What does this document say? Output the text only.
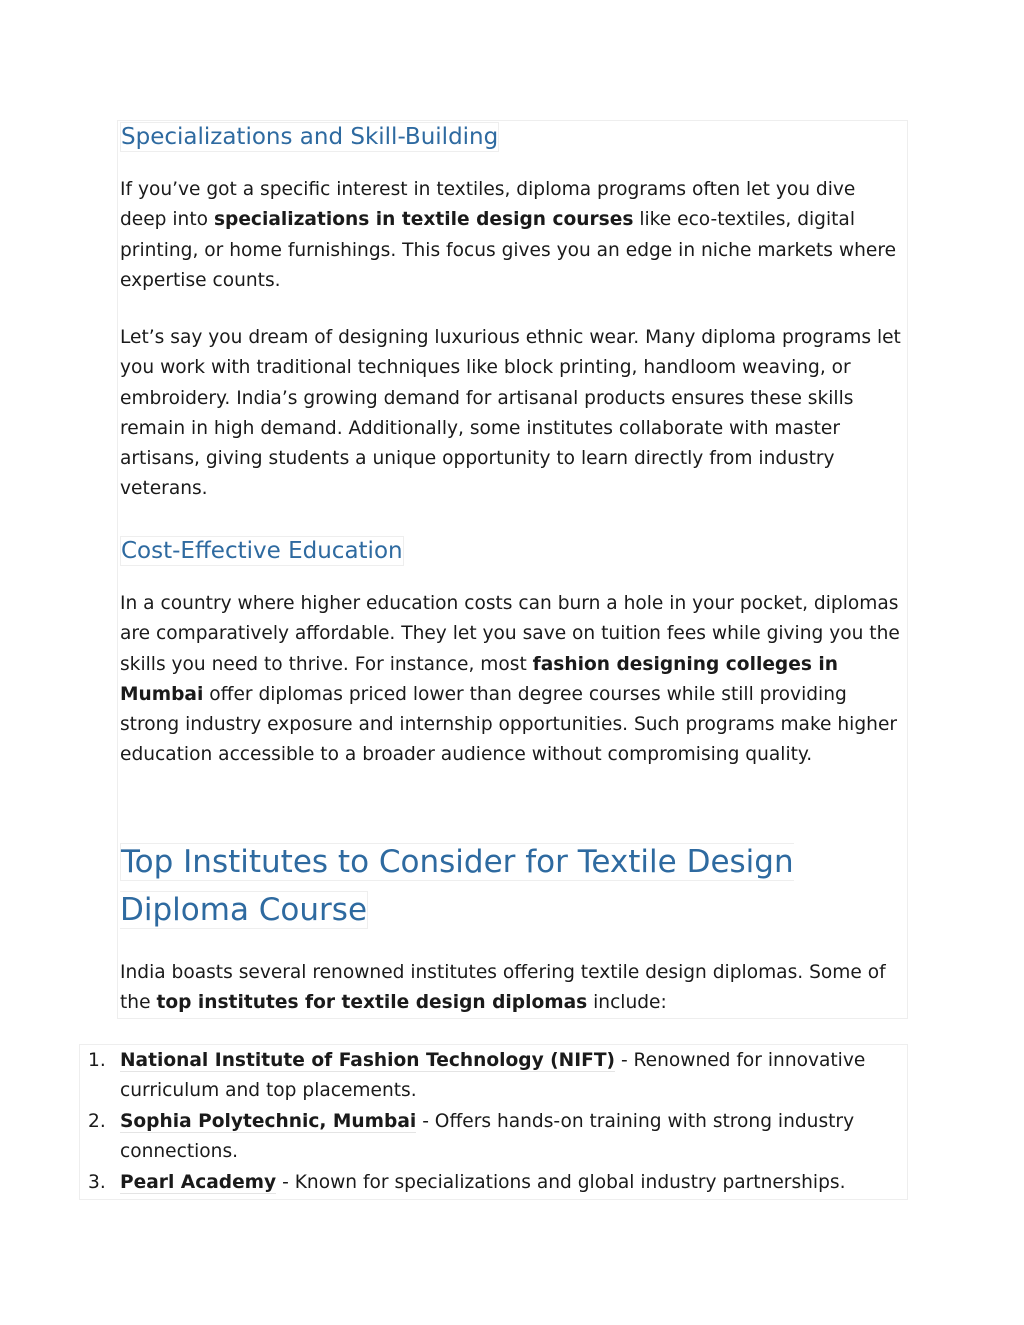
Specializations and Skill-Building

If you’ve got a specific interest in textiles, diploma programs often let you dive deep into specializations in textile design courses like eco-textiles, digital printing, or home furnishings. This focus gives you an edge in niche markets where expertise counts.

Let’s say you dream of designing luxurious ethnic wear. Many diploma programs let you work with traditional techniques like block printing, handloom weaving, or embroidery. India’s growing demand for artisanal products ensures these skills remain in high demand. Additionally, some institutes collaborate with master artisans, giving students a unique opportunity to learn directly from industry veterans.

Cost-Effective Education

In a country where higher education costs can burn a hole in your pocket, diplomas are comparatively affordable. They let you save on tuition fees while giving you the skills you need to thrive. For instance, most fashion designing colleges in Mumbai offer diplomas priced lower than degree courses while still providing strong industry exposure and internship opportunities. Such programs make higher education accessible to a broader audience without compromising quality.

Top Institutes to Consider for Textile Design Diploma Course

India boasts several renowned institutes offering textile design diplomas. Some of the top institutes for textile design diplomas include:

1. National Institute of Fashion Technology (NIFT) - Renowned for innovative curriculum and top placements.
2. Sophia Polytechnic, Mumbai - Offers hands-on training with strong industry connections.
3. Pearl Academy - Known for specializations and global industry partnerships.
